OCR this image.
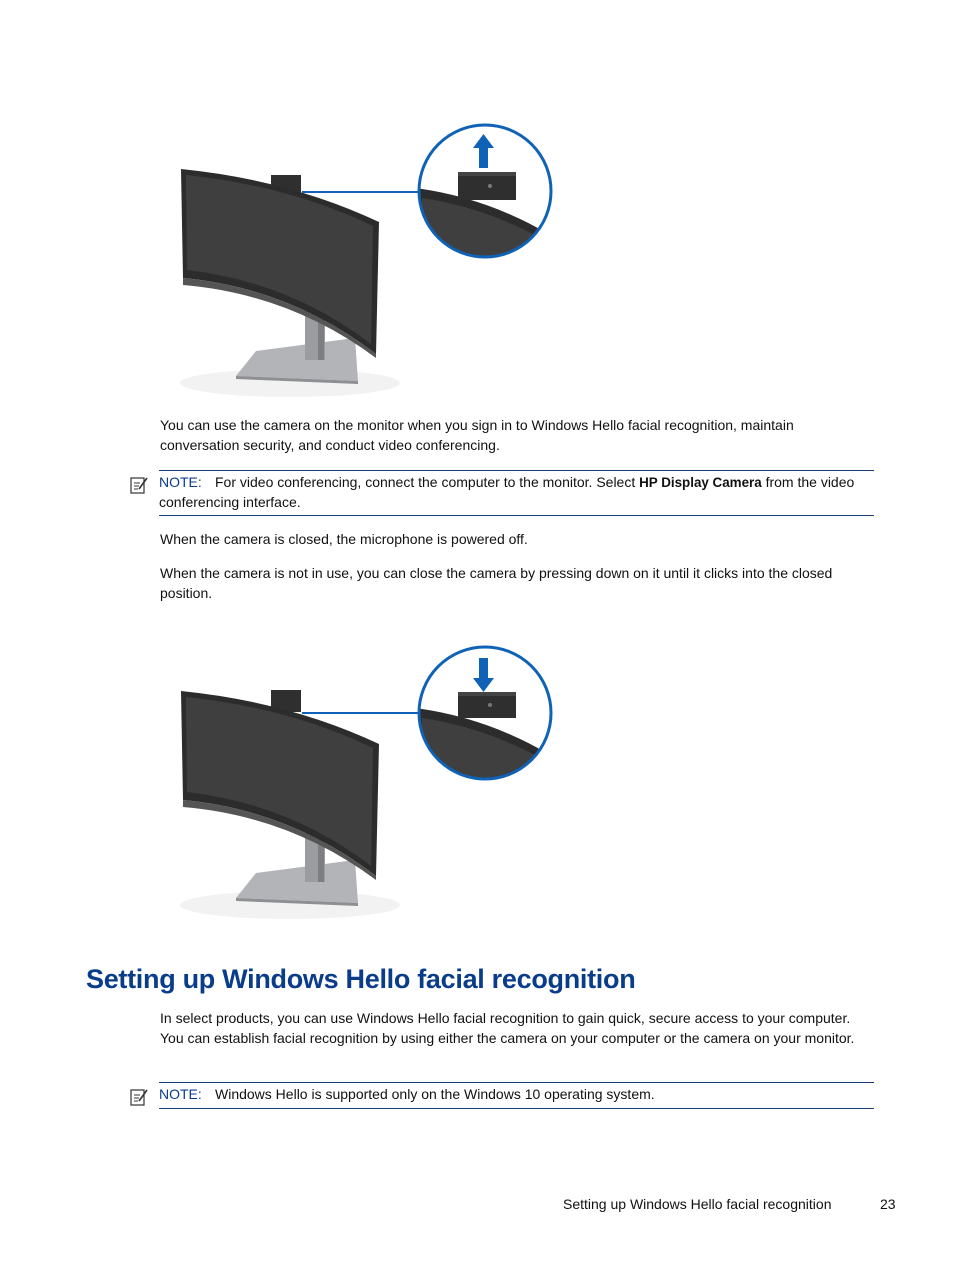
You can use the camera on the monitor when you sign in to Windows Hello facial recognition, maintain conversation security, and conduct video conferencing.

NOTE: For video conferencing, connect the computer to the monitor. Select HP Display Camera from the video conferencing interface.

When the camera is closed, the microphone is powered off.

When the camera is not in use, you can close the camera by pressing down on it until it clicks into the closed position.

Setting up Windows Hello facial recognition

In select products, you can use Windows Hello facial recognition to gain quick, secure access to your computer. You can establish facial recognition by using either the camera on your computer or the camera on your monitor.

NOTE: Windows Hello is supported only on the Windows 10 operating system.
Setting up Windows Hello facial recognition	23
